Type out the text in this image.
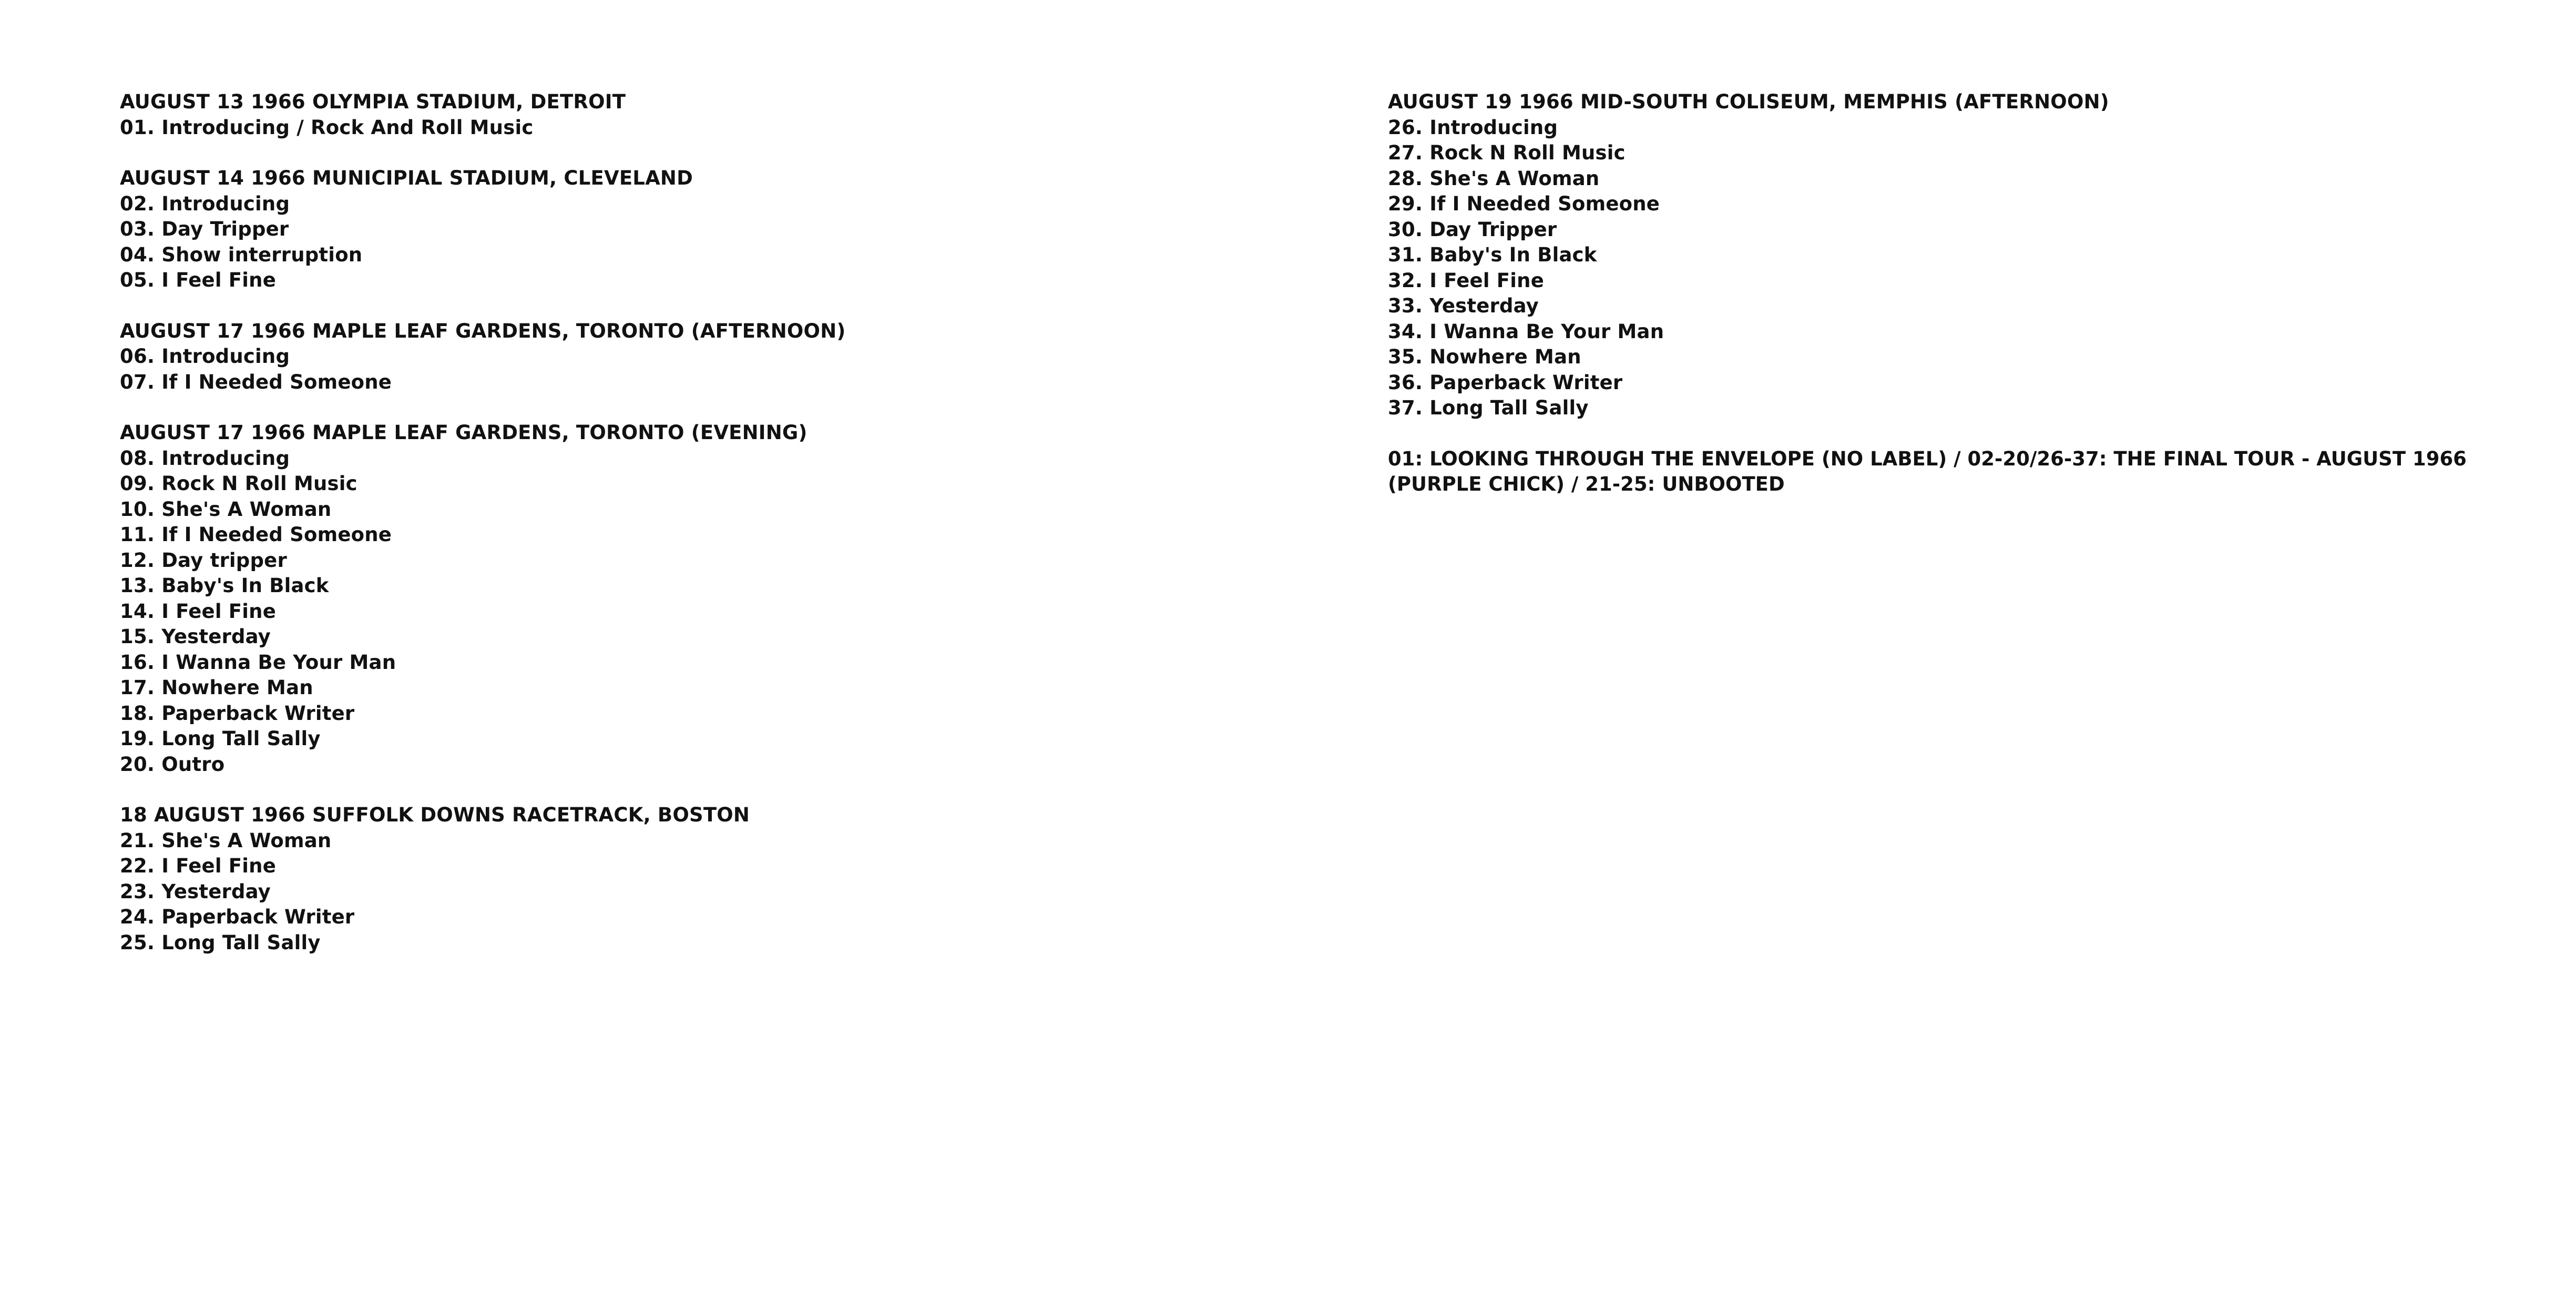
AUGUST 13 1966 OLYMPIA STADIUM, DETROIT
01. Introducing / Rock And Roll Music
AUGUST 14 1966 MUNICIPIAL STADIUM, CLEVELAND
02. Introducing
03. Day Tripper
04. Show interruption
05. I Feel Fine
AUGUST 17 1966 MAPLE LEAF GARDENS, TORONTO (AFTERNOON)
06. Introducing
07. If I Needed Someone
AUGUST 17 1966 MAPLE LEAF GARDENS, TORONTO (EVENING)
08. Introducing
09. Rock N Roll Music
10. She's A Woman
11. If I Needed Someone
12. Day tripper
13. Baby's In Black
14. I Feel Fine
15. Yesterday
16. I Wanna Be Your Man
17. Nowhere Man
18. Paperback Writer
19. Long Tall Sally
20. Outro
18 AUGUST 1966 SUFFOLK DOWNS RACETRACK, BOSTON
21. She's A Woman
22. I Feel Fine
23. Yesterday
24. Paperback Writer
25. Long Tall Sally
AUGUST 19 1966 MID-SOUTH COLISEUM, MEMPHIS (AFTERNOON)
26. Introducing
27. Rock N Roll Music
28. She's A Woman
29. If I Needed Someone
30. Day Tripper
31. Baby's In Black
32. I Feel Fine
33. Yesterday
34. I Wanna Be Your Man
35. Nowhere Man
36. Paperback Writer
37. Long Tall Sally
01: LOOKING THROUGH THE ENVELOPE (NO LABEL) / 02-20/26-37: THE FINAL TOUR - AUGUST 1966 (PURPLE CHICK) / 21-25: UNBOOTED
